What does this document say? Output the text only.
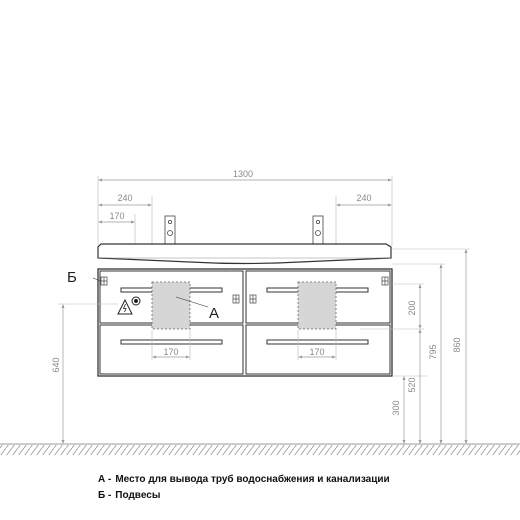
1300
240	240
170
Б
А
170	170
640
860
795
200
520
300
А - Место для вывода труб водоснабжения и канализации
Б - Подвесы
